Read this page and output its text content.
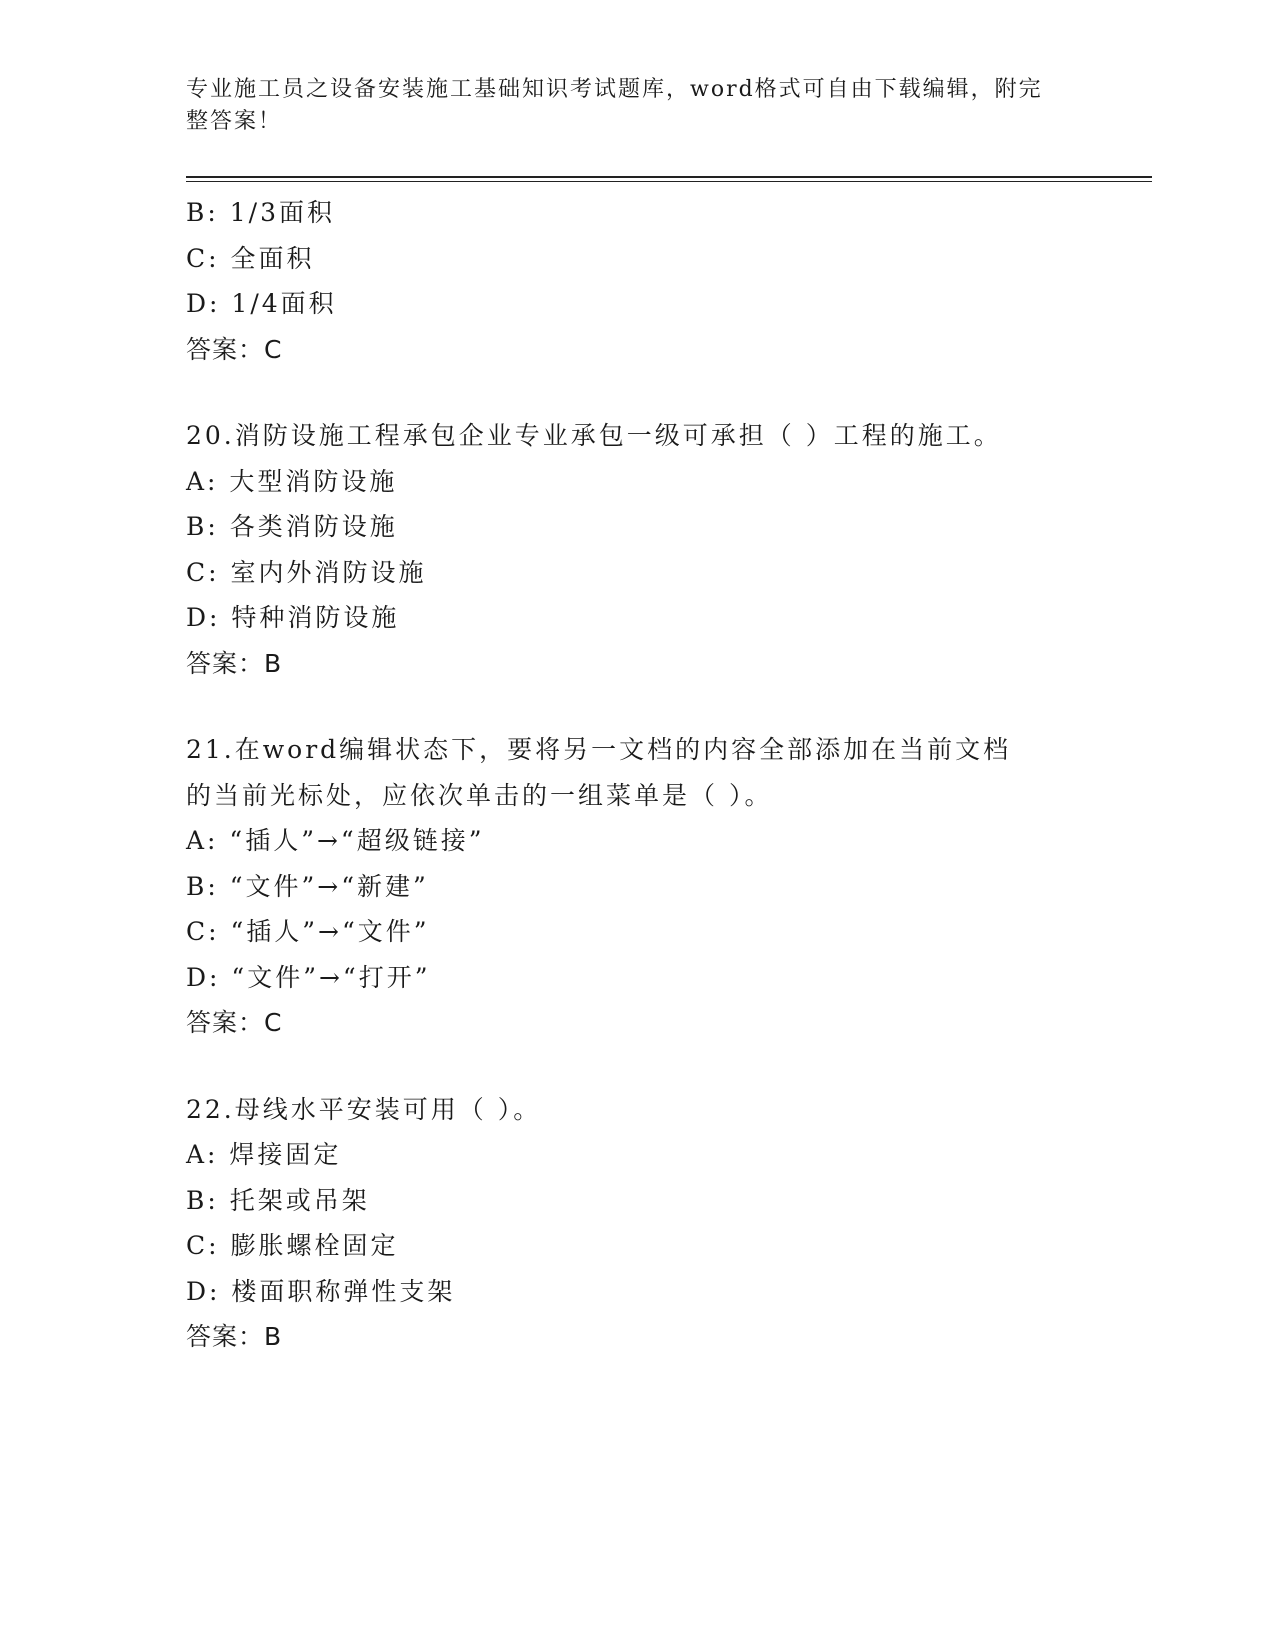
专业施工员之设备安装施工基础知识考试题库，word格式可自由下载编辑，附完整答案！
B: 1/3面积
C: 全面积
D: 1/4面积
答案：C
20.消防设施工程承包企业专业承包一级可承担（ ）工程的施工。
A: 大型消防设施
B: 各类消防设施
C: 室内外消防设施
D: 特种消防设施
答案：B
21.在word编辑状态下，要将另一文档的内容全部添加在当前文档的当前光标处，应依次单击的一组菜单是（ ）。
A: “插人”→“超级链接”
B: “文件”→“新建”
C: “插人”→“文件”
D: “文件”→“打开”
答案：C
22.母线水平安装可用（ ）。
A: 焊接固定
B: 托架或吊架
C: 膨胀螺栓固定
D: 楼面职称弹性支架
答案：B
